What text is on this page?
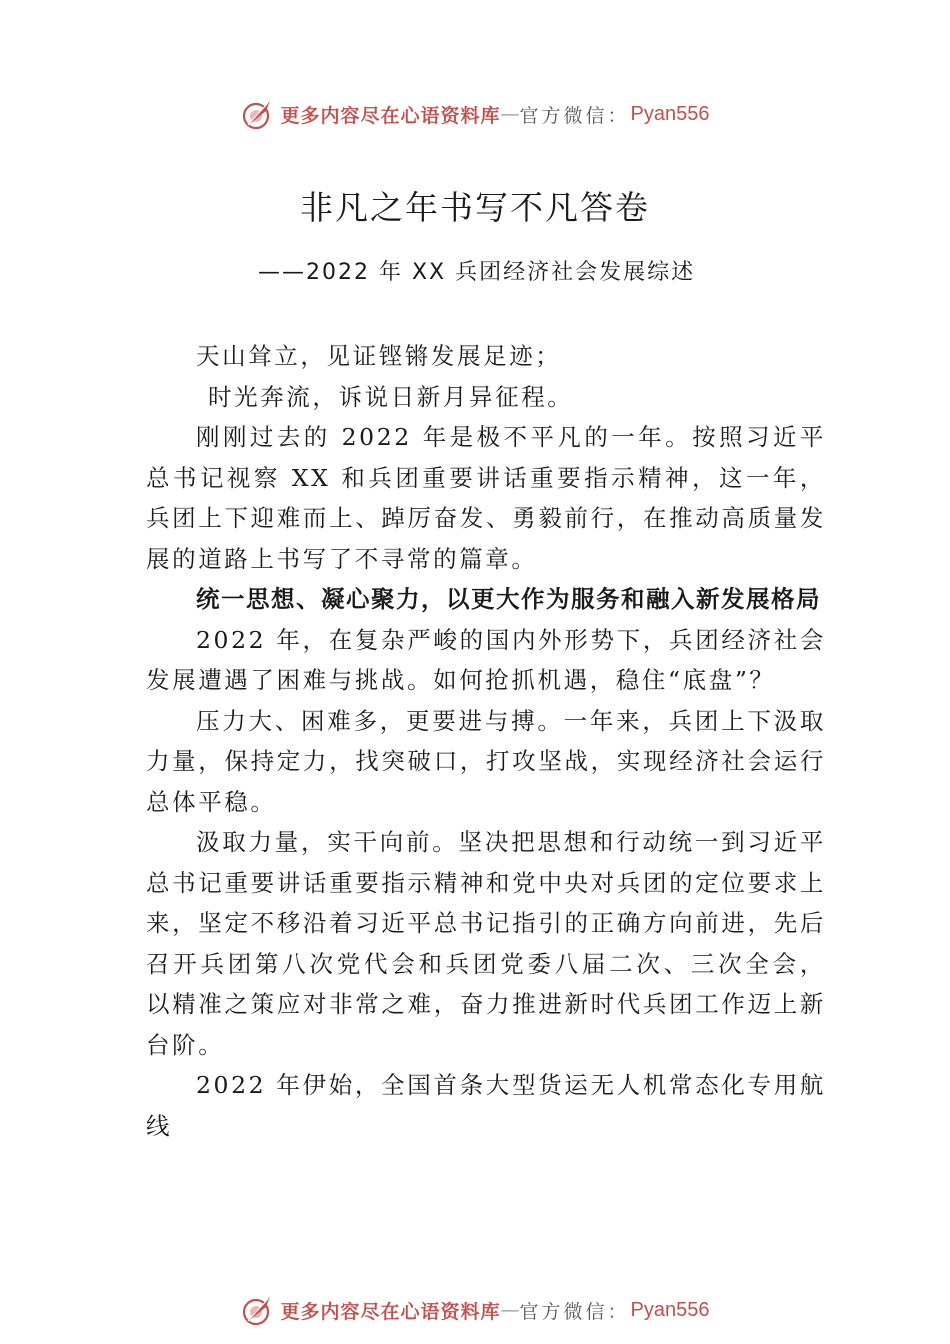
更多内容尽在心语资料库 — 官方微信 ： Pyan556
非凡之年书写不凡答卷
——2022 年 XX 兵团经济社会发展综述

天山耸立，见证铿锵发展足迹；

时光奔流，诉说日新月异征程。

刚刚过去的 2022 年是极不平凡的一年。按照习近平总书记视察 XX 和兵团重要讲话重要指示精神，这一年，兵团上下迎难而上、踔厉奋发、勇毅前行，在推动高质量发展的道路上书写了不寻常的篇章。

统一思想、凝心聚力，以更大作为服务和融入新发展格局

2022 年，在复杂严峻的国内外形势下，兵团经济社会发展遭遇了困难与挑战。如何抢抓机遇，稳住“底盘”？

压力大、困难多，更要进与搏。一年来，兵团上下汲取力量，保持定力，找突破口，打攻坚战，实现经济社会运行总体平稳。

汲取力量，实干向前。坚决把思想和行动统一到习近平总书记重要讲话重要指示精神和党中央对兵团的定位要求上来，坚定不移沿着习近平总书记指引的正确方向前进，先后召开兵团第八次党代会和兵团党委八届二次、三次全会， 以精准之策应对非常之难，奋力推进新时代兵团工作迈上新台阶。

2022 年伊始，全国首条大型货运无人机常态化专用航线

更多内容尽在心语资料库 — 官方微信 ： Pyan556
